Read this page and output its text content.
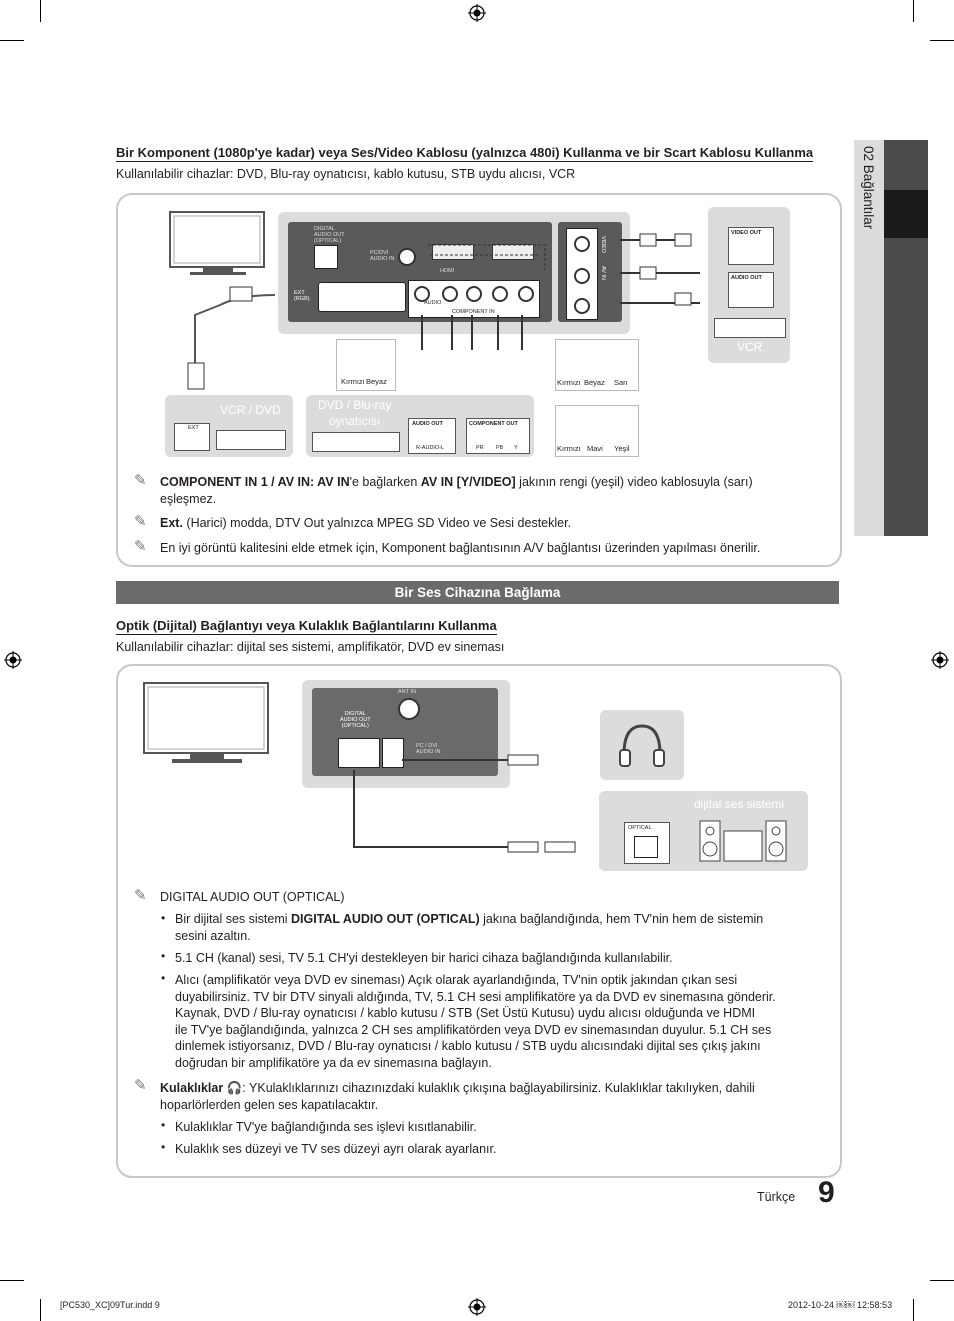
02 Bağlantılar
Bir Komponent (1080p'ye kadar) veya Ses/Video Kablosu (yalnızca 480i) Kullanma ve bir Scart Kablosu Kullanma
Kullanılabilir cihazlar: DVD, Blu-ray oynatıcısı, kablo kutusu, STB uydu alıcısı, VCR
DIGITAL
AUDIO OUT
(OPTICAL)
PC/DVI
AUDIO IN
HDMI
EXT
(RGB)
AUDIO
COMPONENT IN
VIDEO
AV IN
Kırmızı Beyaz	Kırmızı Beyaz Sarı
Kırmızı Mavi Yeşil
VCR / DVD
EXT
DVD / Blu-ray
oynatıcısı	AUDIO OUT
R-AUDIO-L
COMPONENT OUT
PR PB Y
VIDEO OUT
AUDIO OUT
VCR
✎ COMPONENT IN 1 / AV IN: AV IN'e bağlarken AV IN [Y/VIDEO] jakının rengi (yeşil) video kablosuyla (sarı)
eşleşmez.
✎ Ext. (Harici) modda, DTV Out yalnızca MPEG SD Video ve Sesi destekler.
✎ En iyi görüntü kalitesini elde etmek için, Komponent bağlantısının A/V bağlantısı üzerinden yapılması önerilir.
Bir Ses Cihazına Bağlama
Optik (Dijital) Bağlantıyı veya Kulaklık Bağlantılarını Kullanma
Kullanılabilir cihazlar: dijital ses sistemi, amplifikatör, DVD ev sineması
ANT IN
DIGITAL
AUDIO OUT
(OPTICAL)
PC / DVI
AUDIO IN
dijital ses sistemi
OPTICAL
✎ DIGITAL AUDIO OUT (OPTICAL)
• Bir dijital ses sistemi DIGITAL AUDIO OUT (OPTICAL) jakına bağlandığında, hem TV'nin hem de sistemin
sesini azaltın.
• 5.1 CH (kanal) sesi, TV 5.1 CH'yi destekleyen bir harici cihaza bağlandığında kullanılabilir.
• Alıcı (amplifikatör veya DVD ev sineması) Açık olarak ayarlandığında, TV'nin optik jakından çıkan sesi
duyabilirsiniz. TV bir DTV sinyali aldığında, TV, 5.1 CH sesi amplifikatöre ya da DVD ev sinemasına gönderir.
Kaynak, DVD / Blu-ray oynatıcısı / kablo kutusu / STB (Set Üstü Kutusu) uydu alıcısı olduğunda ve HDMI
ile TV'ye bağlandığında, yalnızca 2 CH ses amplifikatörden veya DVD ev sinemasından duyulur. 5.1 CH ses
dinlemek istiyorsanız, DVD / Blu-ray oynatıcısı / kablo kutusu / STB uydu alıcısındaki dijital ses çıkış jakını
doğrudan bir amplifikatöre ya da ev sinemasına bağlayın.
✎ Kulaklıklar 🎧: YKulaklıklarınızı cihazınızdaki kulaklık çıkışına bağlayabilirsiniz. Kulaklıklar takılıyken, dahili
hoparlörlerden gelen ses kapatılacaktır.
• Kulaklıklar TV'ye bağlandığında ses işlevi kısıtlanabilir.
• Kulaklık ses düzeyi ve TV ses düzeyi ayrı olarak ayarlanır.
Türkçe 9
[PC530_XC]09Tur.indd 9	2012-10-24 ￼￼ 12:58:53
